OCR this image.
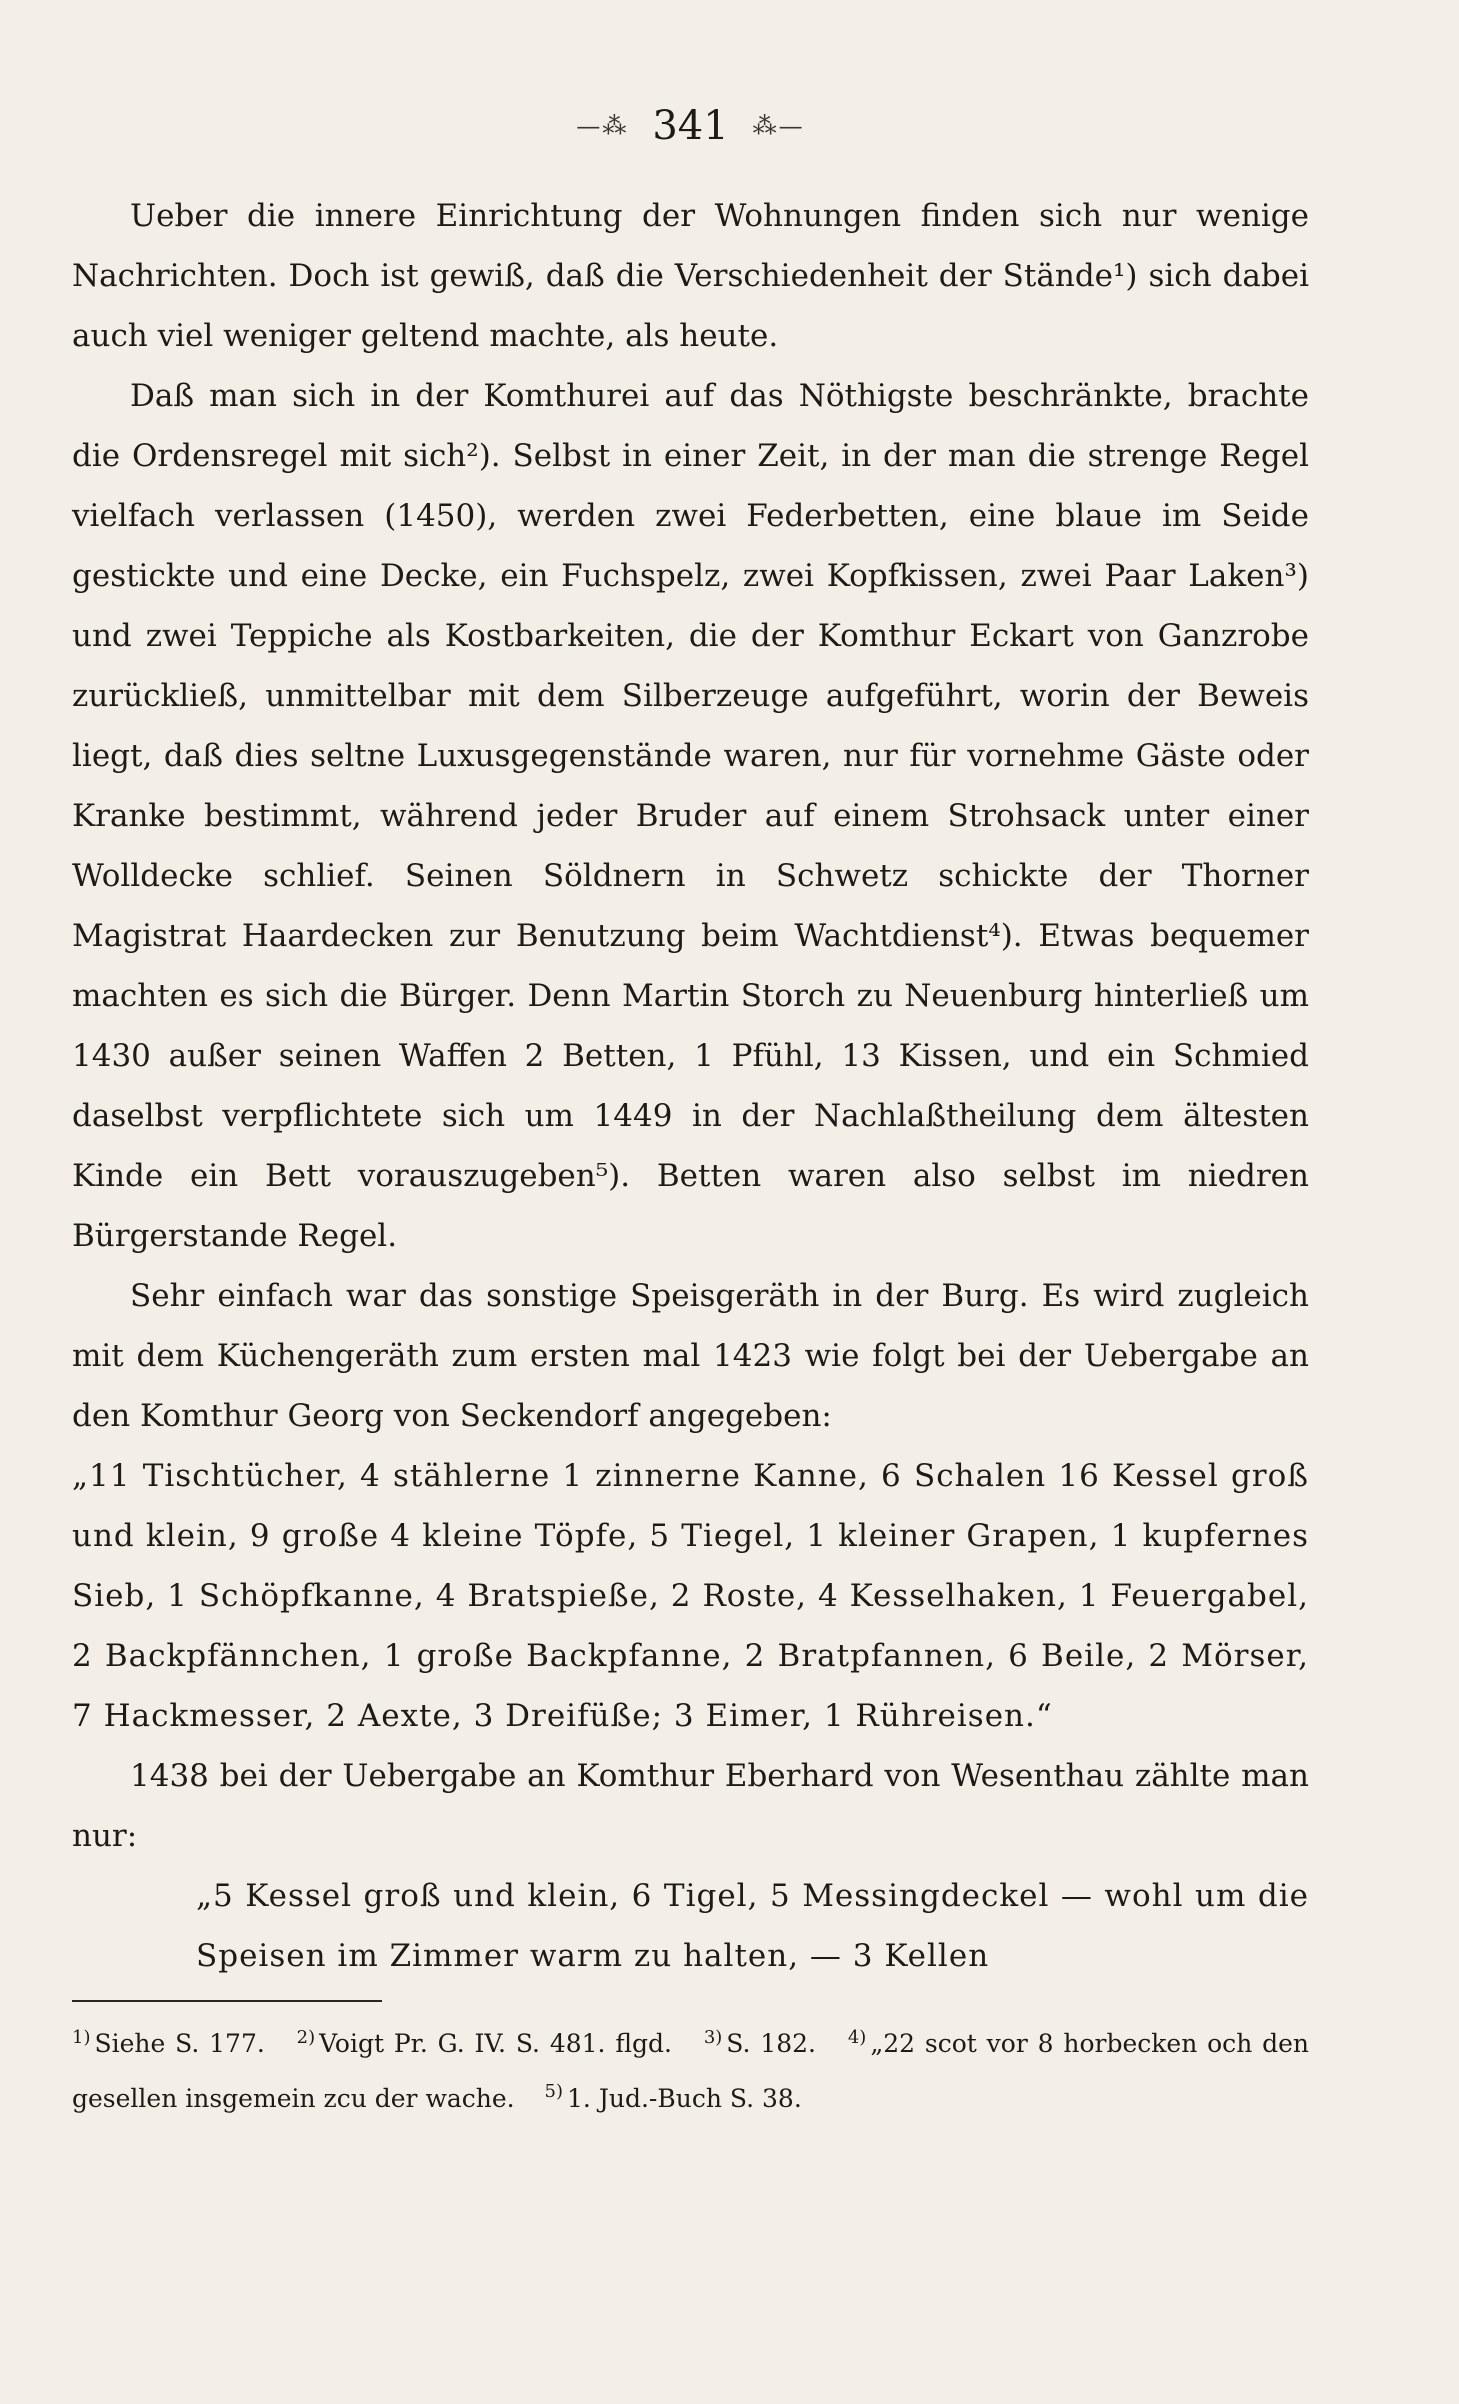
—⁂ 341 ⁂—

Ueber die innere Einrichtung der Wohnungen finden sich nur wenige Nachrichten. Doch ist gewiß, daß die Verschiedenheit der Stände¹) sich dabei auch viel weniger geltend machte, als heute.

Daß man sich in der Komthurei auf das Nöthigste beschränkte, brachte die Ordensregel mit sich²). Selbst in einer Zeit, in der man die strenge Regel vielfach verlassen (1450), werden zwei Federbetten, eine blaue im Seide gestickte und eine Decke, ein Fuchspelz, zwei Kopfkissen, zwei Paar Laken³) und zwei Teppiche als Kostbarkeiten, die der Komthur Eckart von Ganzrobe zurückließ, unmittelbar mit dem Silberzeuge aufgeführt, worin der Beweis liegt, daß dies seltne Luxusgegenstände waren, nur für vornehme Gäste oder Kranke bestimmt, während jeder Bruder auf einem Strohsack unter einer Wolldecke schlief. Seinen Söldnern in Schwetz schickte der Thorner Magistrat Haardecken zur Benutzung beim Wachtdienst⁴). Etwas bequemer machten es sich die Bürger. Denn Martin Storch zu Neuenburg hinterließ um 1430 außer seinen Waffen 2 Betten, 1 Pfühl, 13 Kissen, und ein Schmied daselbst verpflichtete sich um 1449 in der Nachlaßtheilung dem ältesten Kinde ein Bett vorauszugeben⁵). Betten waren also selbst im niedren Bürgerstande Regel.

Sehr einfach war das sonstige Speisgeräth in der Burg. Es wird zugleich mit dem Küchengeräth zum ersten mal 1423 wie folgt bei der Uebergabe an den Komthur Georg von Seckendorf angegeben:

„11 Tischtücher, 4 stählerne 1 zinnerne Kanne, 6 Schalen 16 Kessel groß und klein, 9 große 4 kleine Töpfe, 5 Tiegel, 1 kleiner Grapen, 1 kupfernes Sieb, 1 Schöpfkanne, 4 Bratspieße, 2 Roste, 4 Kesselhaken, 1 Feuergabel, 2 Backpfännchen, 1 große Backpfanne, 2 Bratpfannen, 6 Beile, 2 Mörser, 7 Hackmesser, 2 Aexte, 3 Dreifüße; 3 Eimer, 1 Rühreisen.“

1438 bei der Uebergabe an Komthur Eberhard von Wesenthau zählte man nur:

„5 Kessel groß und klein, 6 Tigel, 5 Messingdeckel — wohl um die Speisen im Zimmer warm zu halten, — 3 Kellen

$^{1)}$ Siehe S. 177. $^{2)}$ Voigt Pr. G. IV. S. 481. flgd. $^{3)}$ S. 182. $^{4)}$ „22 scot vor 8 horbecken och den gesellen insgemein zcu der wache. $^{5)}$ 1. Jud.-Buch S. 38.
